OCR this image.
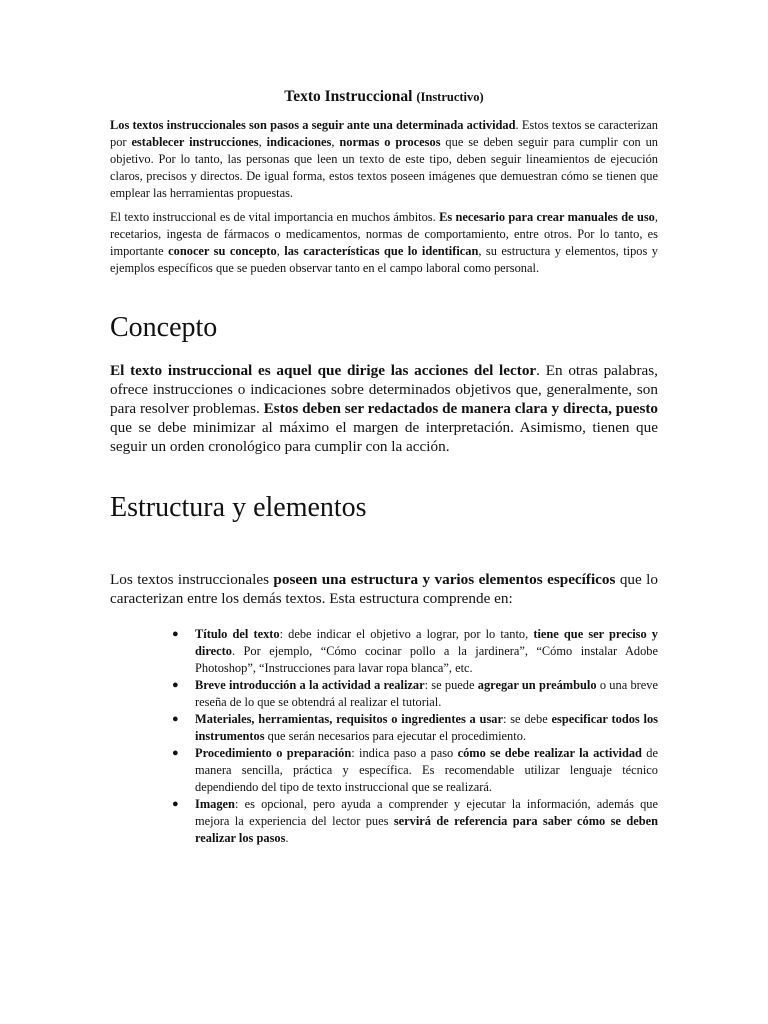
Texto Instruccional (Instructivo)

Los textos instruccionales son pasos a seguir ante una determinada actividad. Estos textos se caracterizan por establecer instrucciones, indicaciones, normas o procesos que se deben seguir para cumplir con un objetivo. Por lo tanto, las personas que leen un texto de este tipo, deben seguir lineamientos de ejecución claros, precisos y directos. De igual forma, estos textos poseen imágenes que demuestran cómo se tienen que emplear las herramientas propuestas.

El texto instruccional es de vital importancia en muchos ámbitos. Es necesario para crear manuales de uso, recetarios, ingesta de fármacos o medicamentos, normas de comportamiento, entre otros. Por lo tanto, es importante conocer su concepto, las características que lo identifican, su estructura y elementos, tipos y ejemplos específicos que se pueden observar tanto en el campo laboral como personal.

Concepto

El texto instruccional es aquel que dirige las acciones del lector. En otras palabras, ofrece instrucciones o indicaciones sobre determinados objetivos que, generalmente, son para resolver problemas. Estos deben ser redactados de manera clara y directa, puesto que se debe minimizar al máximo el margen de interpretación. Asimismo, tienen que seguir un orden cronológico para cumplir con la acción.

Estructura y elementos

Los textos instruccionales poseen una estructura y varios elementos específicos que lo caracterizan entre los demás textos. Esta estructura comprende en:

● Título del texto: debe indicar el objetivo a lograr, por lo tanto, tiene que ser preciso y directo. Por ejemplo, “Cómo cocinar pollo a la jardinera”, “Cómo instalar Adobe Photoshop”, “Instrucciones para lavar ropa blanca”, etc.
● Breve introducción a la actividad a realizar: se puede agregar un preámbulo o una breve reseña de lo que se obtendrá al realizar el tutorial.
● Materiales, herramientas, requisitos o ingredientes a usar: se debe especificar todos los instrumentos que serán necesarios para ejecutar el procedimiento.
● Procedimiento o preparación: indica paso a paso cómo se debe realizar la actividad de manera sencilla, práctica y específica. Es recomendable utilizar lenguaje técnico dependiendo del tipo de texto instruccional que se realizará.
● Imagen: es opcional, pero ayuda a comprender y ejecutar la información, además que mejora la experiencia del lector pues servirá de referencia para saber cómo se deben realizar los pasos.
